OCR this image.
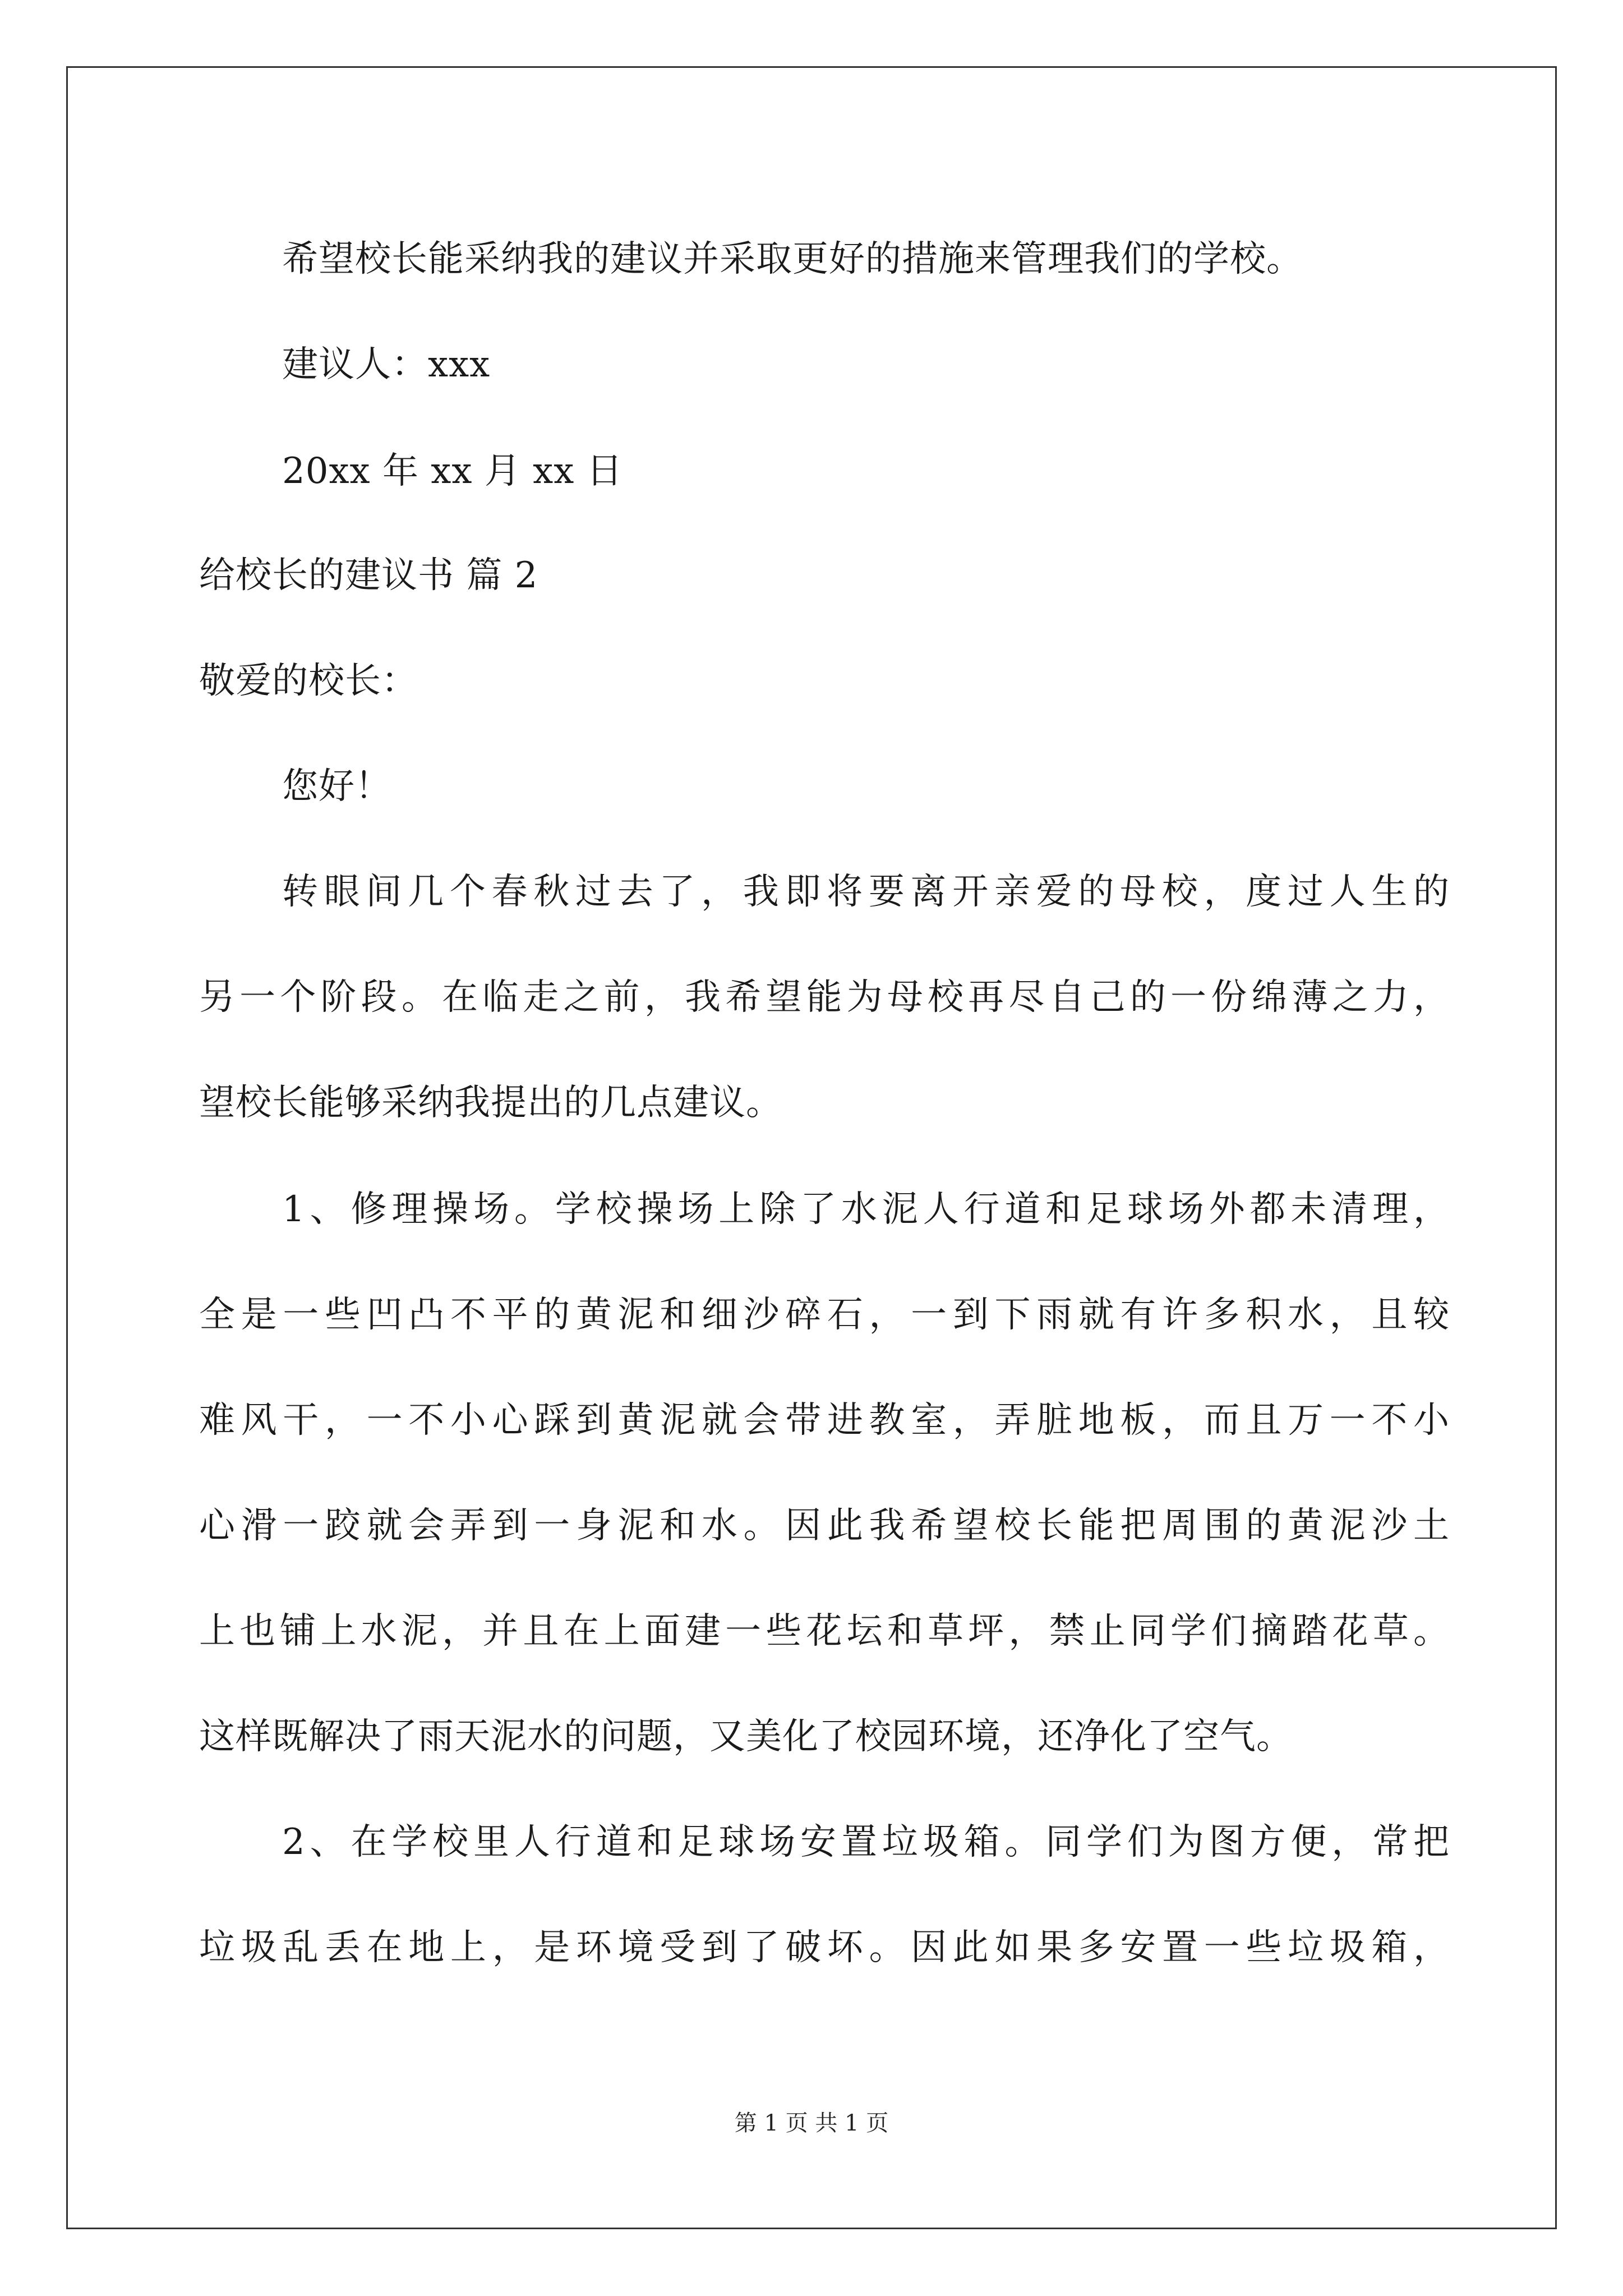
希望校长能采纳我的建议并采取更好的措施来管理我们的学校。
建议人：xxx
20xx 年 xx 月 xx 日
给校长的建议书 篇 2
敬爱的校长：
您好！
转眼间几个春秋过去了，我即将要离开亲爱的母校，度过人生的
另一个阶段。在临走之前，我希望能为母校再尽自己的一份绵薄之力，
望校长能够采纳我提出的几点建议。
1、修理操场。学校操场上除了水泥人行道和足球场外都未清理，
全是一些凹凸不平的黄泥和细沙碎石，一到下雨就有许多积水，且较
难风干，一不小心踩到黄泥就会带进教室，弄脏地板，而且万一不小
心滑一跤就会弄到一身泥和水。因此我希望校长能把周围的黄泥沙土
上也铺上水泥，并且在上面建一些花坛和草坪，禁止同学们摘踏花草。
这样既解决了雨天泥水的问题，又美化了校园环境，还净化了空气。
2、在学校里人行道和足球场安置垃圾箱。同学们为图方便，常把
垃圾乱丢在地上，是环境受到了破坏。因此如果多安置一些垃圾箱，
第 1 页 共 1 页
